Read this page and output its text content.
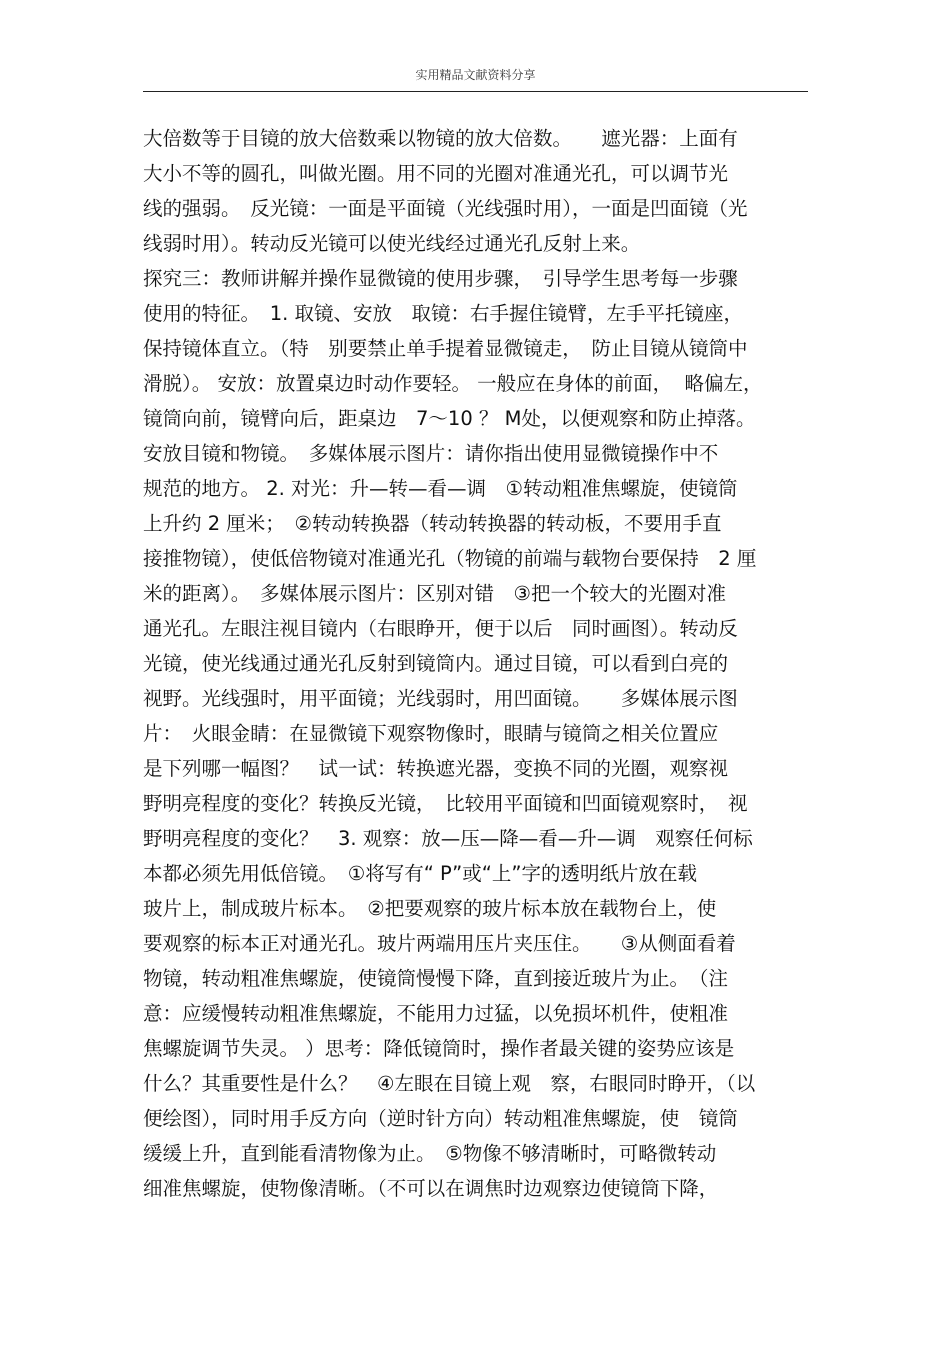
实用精品文献资料分享
大倍数等于目镜的放大倍数乘以物镜的放大倍数。　　遮光器：上面有
大小不等的圆孔，叫做光圈。用不同的光圈对准通光孔，可以调节光
线的强弱。　反光镜：一面是平面镜（光线强时用），一面是凹面镜（光
线弱时用）。转动反光镜可以使光线经过通光孔反射上来。
探究三：教师讲解并操作显微镜的使用步骤，　引导学生思考每一步骤
使用的特征。　1. 取镜、安放　取镜：右手握住镜臂，左手平托镜座，
保持镜体直立。（特　别要禁止单手提着显微镜走，　防止目镜从镜筒中
滑脱）。 安放：放置桌边时动作要轻。 一般应在身体的前面，  略偏左，
镜筒向前，镜臂向后，距桌边　7～10 ？ M处，以便观察和防止掉落。
安放目镜和物镜。　多媒体展示图片：请你指出使用显微镜操作中不
规范的地方。 2. 对光：升—转—看—调　①转动粗准焦螺旋，使镜筒
上升约 2 厘米；　②转动转换器（转动转换器的转动板，不要用手直
接推物镜），使低倍物镜对准通光孔（物镜的前端与载物台要保持　2 厘
米的距离）。　多媒体展示图片：区别对错　③把一个较大的光圈对准
通光孔。左眼注视目镜内（右眼睁开，便于以后　同时画图）。转动反
光镜，使光线通过通光孔反射到镜筒内。通过目镜，可以看到白亮的
视野。光线强时，用平面镜；光线弱时，用凹面镜。　　多媒体展示图
片：　火眼金睛：在显微镜下观察物像时，眼睛与镜筒之相关位置应
是下列哪一幅图？　试一试：转换遮光器，变换不同的光圈，观察视
野明亮程度的变化？转换反光镜，　比较用平面镜和凹面镜观察时，　视
野明亮程度的变化？　3. 观察：放—压—降—看—升—调　观察任何标
本都必须先用低倍镜。　①将写有“ P”或“上”字的透明纸片放在载
玻片上，制成玻片标本。　②把要观察的玻片标本放在载物台上，使
要观察的标本正对通光孔。玻片两端用压片夹压住。　　③从侧面看着
物镜，转动粗准焦螺旋，使镜筒慢慢下降，直到接近玻片为止。　（注
意：应缓慢转动粗准焦螺旋，不能用力过猛，以免损坏机件，使粗准
焦螺旋调节失灵。 ）思考：降低镜筒时，操作者最关键的姿势应该是
什么？其重要性是什么？　④左眼在目镜上观　察，右眼同时睁开，（以
便绘图），同时用手反方向（逆时针方向）转动粗准焦螺旋，使　镜筒
缓缓上升，直到能看清物像为止。　⑤物像不够清晰时，可略微转动
细准焦螺旋，使物像清晰。（不可以在调焦时边观察边使镜筒下降，
